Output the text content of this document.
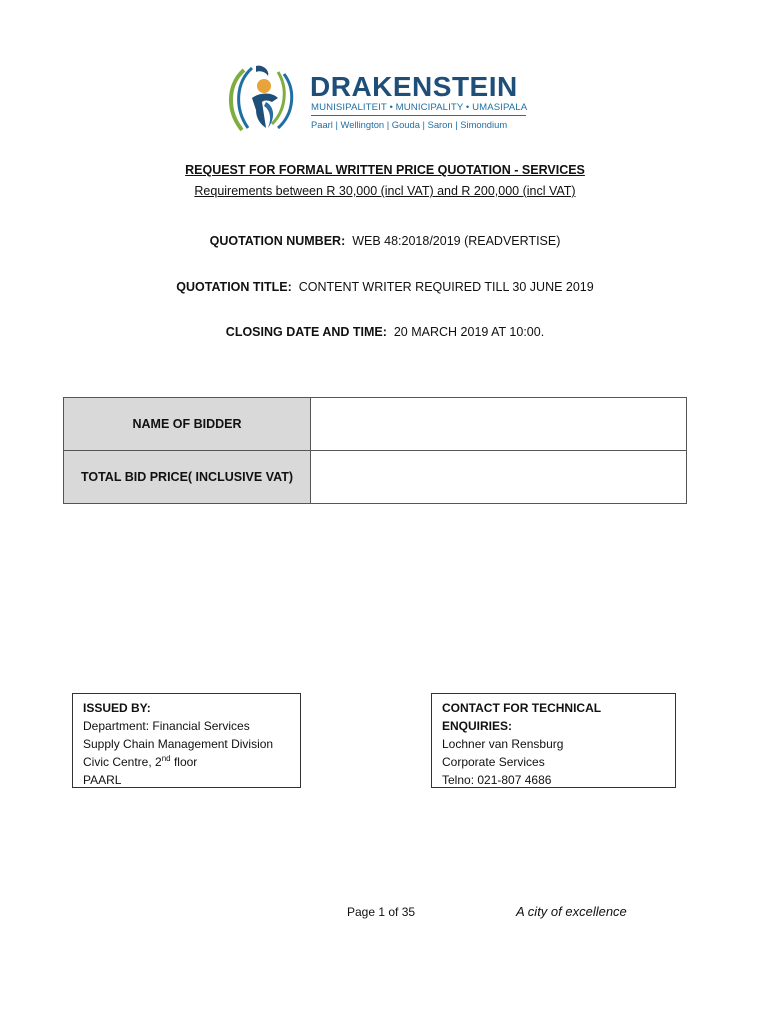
DRAKENSTEIN
MUNISIPALITEIT • MUNICIPALITY • UMASIPALA
Paarl | Wellington | Gouda | Saron | Simondium
REQUEST FOR FORMAL WRITTEN PRICE QUOTATION - SERVICES
Requirements between R 30,000 (incl VAT) and R 200,000 (incl VAT)
QUOTATION NUMBER: WEB 48:2018/2019 (READVERTISE)
QUOTATION TITLE: CONTENT WRITER REQUIRED TILL 30 JUNE 2019
CLOSING DATE AND TIME: 20 MARCH 2019 AT 10:00.
NAME OF BIDDER	
TOTAL BID PRICE( INCLUSIVE VAT)	
ISSUED BY:
Department: Financial Services
Supply Chain Management Division
Civic Centre, 2nd floor
PAARL
CONTACT FOR TECHNICAL ENQUIRIES:
Lochner van Rensburg
Corporate Services
Telno: 021-807 4686
Page 1 of 35	A city of excellence
